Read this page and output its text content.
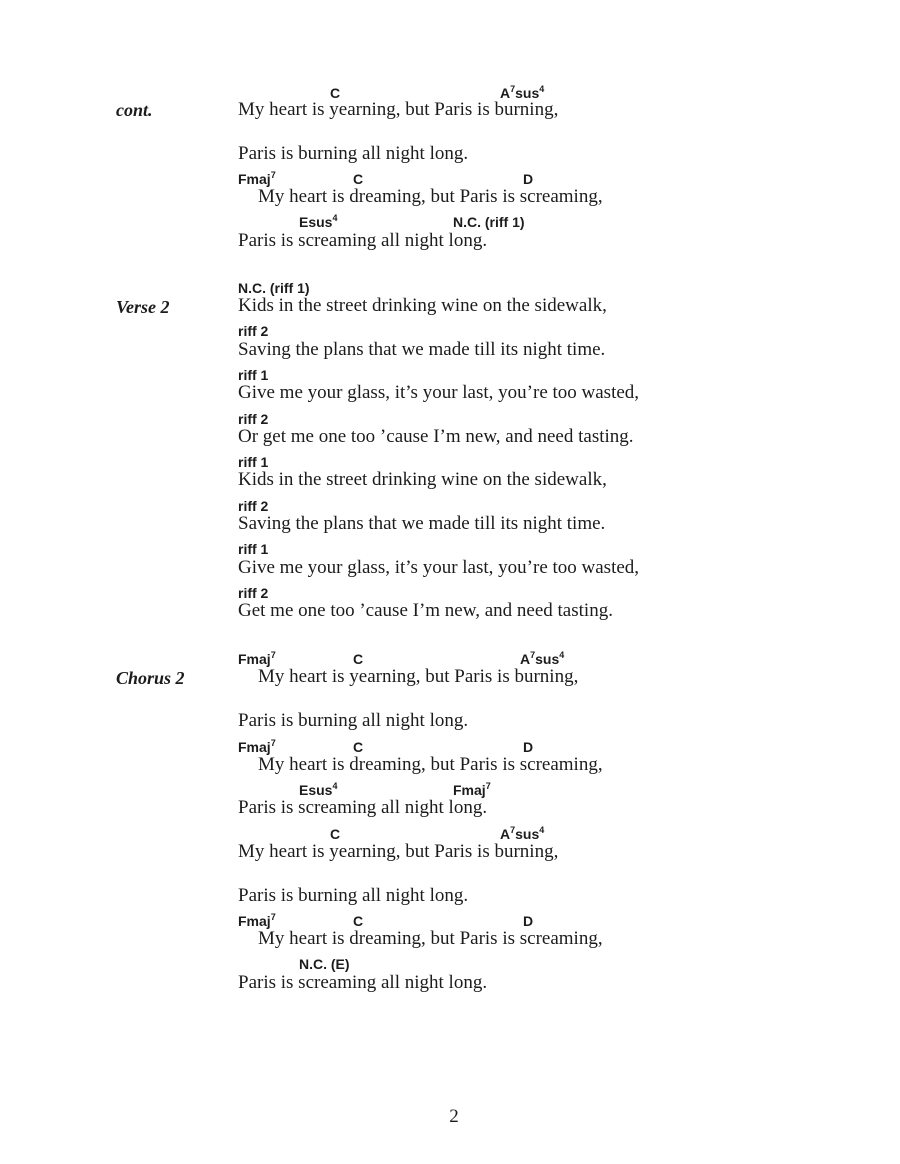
C	$A^7sus^4$
cont.	My heart is yearning, but Paris is burning,
Paris is burning all night long.
Fmaj$^7$	C	D
My heart is dreaming, but Paris is screaming,
Esus$^4$	N.C. (riff 1)
Paris is screaming all night long.
N.C. (riff 1)
Verse 2	Kids in the street drinking wine on the sidewalk,
riff 2
Saving the plans that we made till its night time.
riff 1
Give me your glass, it’s your last, you’re too wasted,
riff 2
Or get me one too ’cause I’m new, and need tasting.
riff 1
Kids in the street drinking wine on the sidewalk,
riff 2
Saving the plans that we made till its night time.
riff 1
Give me your glass, it’s your last, you’re too wasted,
riff 2
Get me one too ’cause I’m new, and need tasting.
Fmaj$^7$	C	$A^7sus^4$
Chorus 2	My heart is yearning, but Paris is burning,
Paris is burning all night long.
Fmaj$^7$	C	D
My heart is dreaming, but Paris is screaming,
Esus$^4$	Fmaj$^7$
Paris is screaming all night long.
C	$A^7sus^4$
My heart is yearning, but Paris is burning,
Paris is burning all night long.
Fmaj$^7$	C	D
My heart is dreaming, but Paris is screaming,
N.C. (E)
Paris is screaming all night long.
2
